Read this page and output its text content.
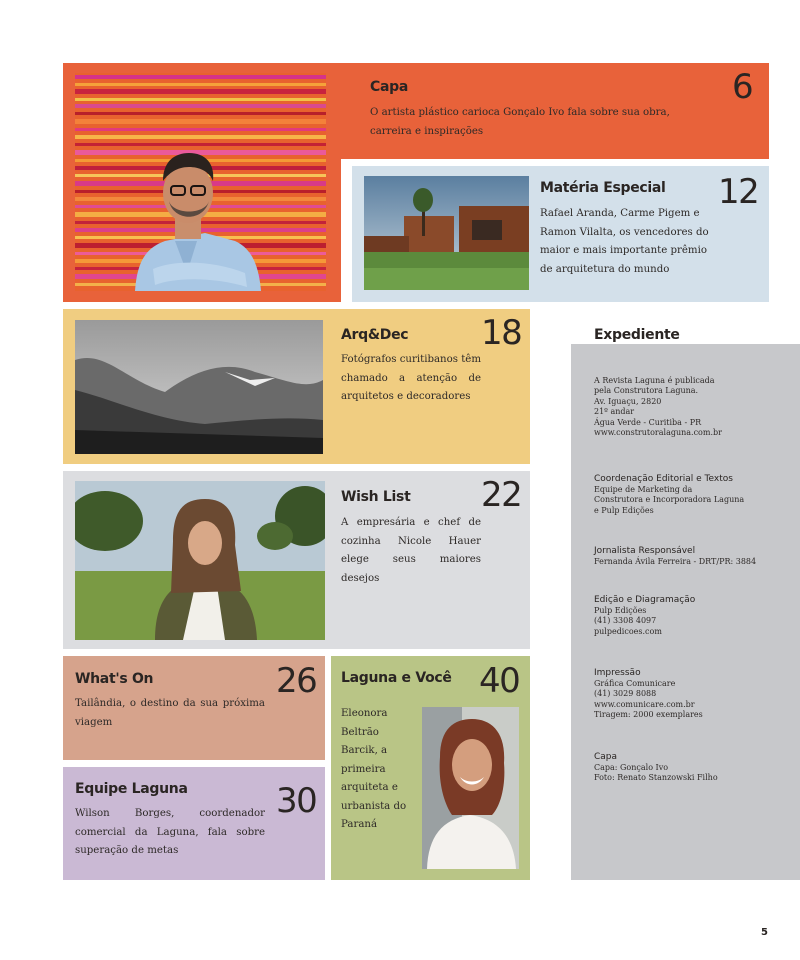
Capa	6

O artista plástico carioca Gonçalo Ivo fala sobre sua obra, carreira e inspirações

Matéria Especial 12

Rafael Aranda, Carme Pigem e Ramon Vilalta, os vencedores do maior e mais importante prêmio de arquitetura do mundo

Arq&Dec 18

Fotógrafos curitibanos têm chamado a atenção de arquitetos e decoradores

Wish List 22

A empresária e chef de cozinha Nicole Hauer elege seus maiores desejos

What's On	26

Tailândia, o destino da sua próxima viagem

Equipe Laguna	30

Wilson Borges, coordenador comercial da Laguna, fala sobre superação de metas

Laguna e Você 40

Eleonora Beltrão Barcik, a primeira arquiteta e urbanista do Paraná

Expediente
A Revista Laguna é publicada
pela Construtora Laguna.
Av. Iguaçu, 2820
21º andar
Água Verde - Curitiba - PR
www.construtoralaguna.com.br
Coordenação Editorial e Textos
Equipe de Marketing da
Construtora e Incorporadora Laguna
e Pulp Edições
Jornalista Responsável
Fernanda Ávila Ferreira - DRT/PR: 3884
Edição e Diagramação
Pulp Edições
(41) 3308 4097
pulpedicoes.com
Impressão
Gráfica Comunicare
(41) 3029 8088
www.comunicare.com.br
Tiragem: 2000 exemplares
Capa
Capa: Gonçalo Ivo
Foto: Renato Stanzowski Filho

5
